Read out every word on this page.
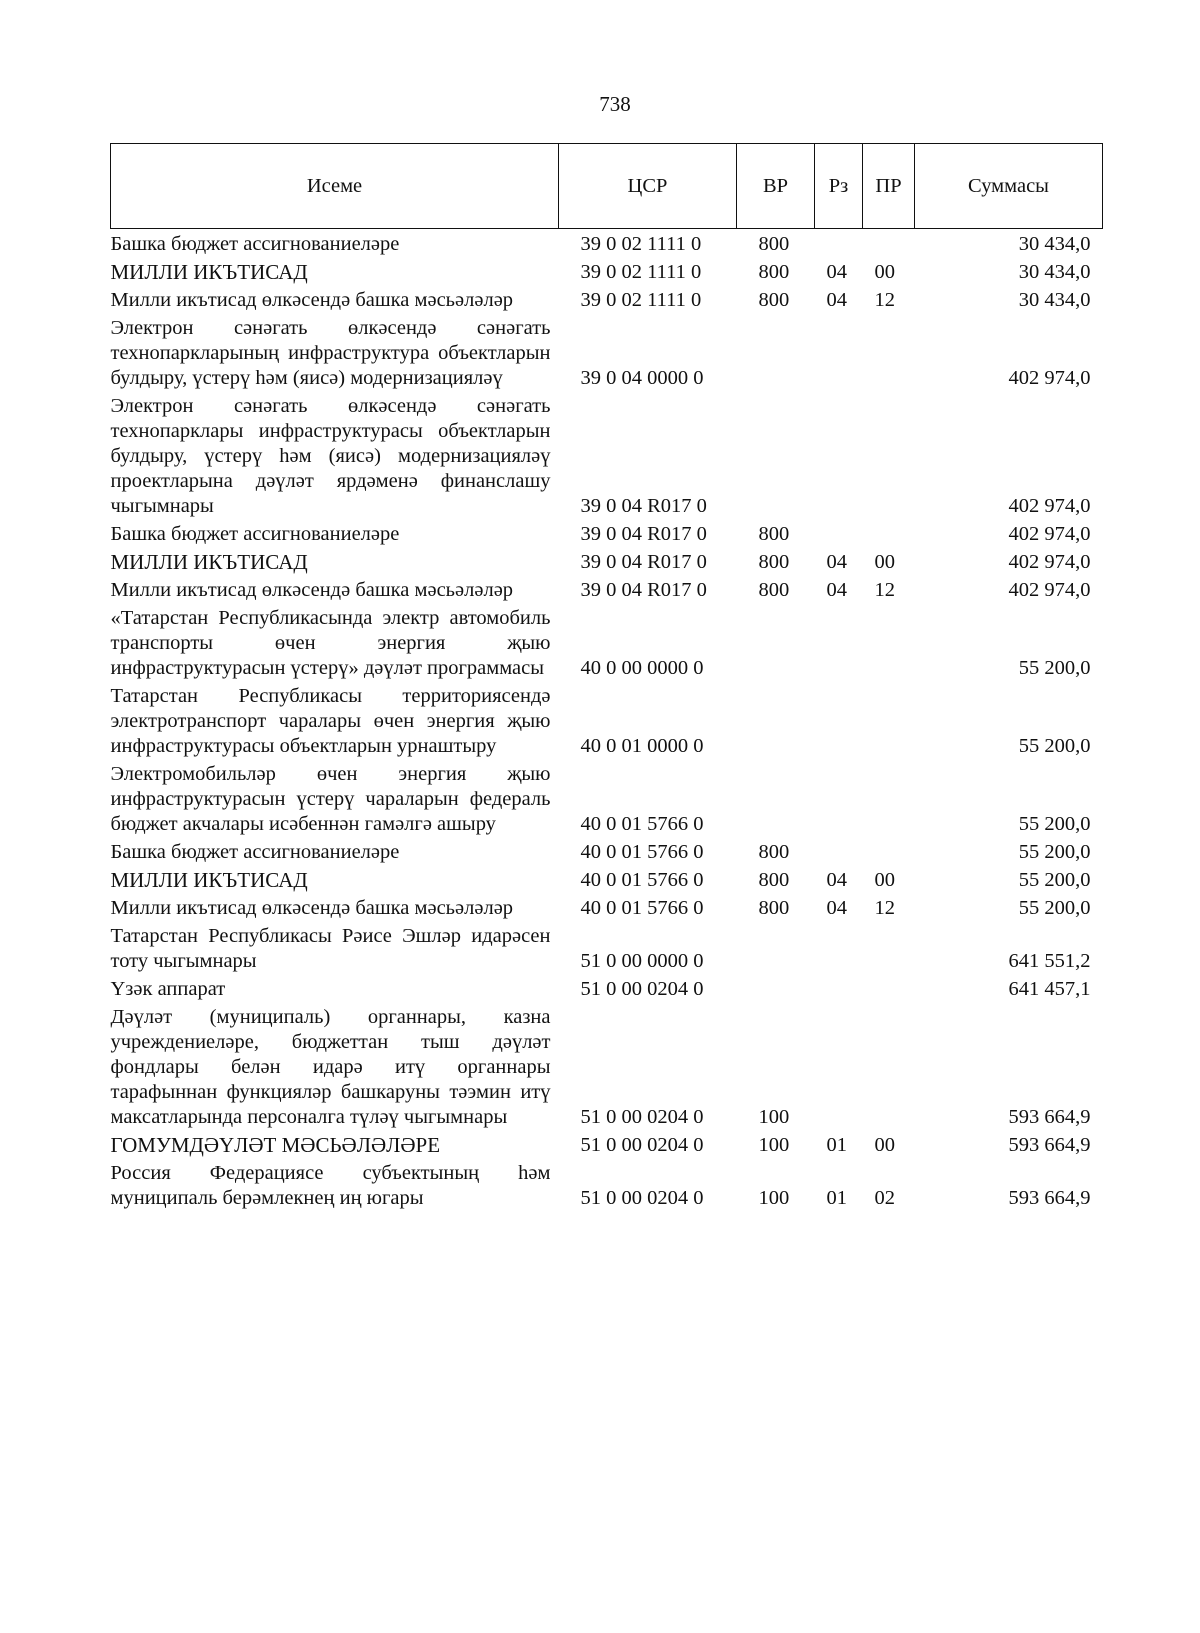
738
Исеме	ЦСР	ВР	Рз	ПР	Суммасы
Башка бюджет ассигнованиеләре	39 0 02 1111 0	800			30 434,0
МИЛЛИ ИКЪТИСАД	39 0 02 1111 0	800	04	00	30 434,0
Милли икътисад өлкәсендә башка мәсьәләләр	39 0 02 1111 0	800	04	12	30 434,0
Электрон сәнәгать өлкәсендә сәнәгать технопаркларының инфраструктура объектларын булдыру, үстерү һәм (яисә) модернизацияләү	39 0 04 0000 0				402 974,0
Электрон сәнәгать өлкәсендә сәнәгать технопарклары инфраструктурасы объектларын булдыру, үстерү һәм (яисә) модернизацияләү проектларына дәүләт ярдәменә финанслашу чыгымнары	39 0 04 R017 0				402 974,0
Башка бюджет ассигнованиеләре	39 0 04 R017 0	800			402 974,0
МИЛЛИ ИКЪТИСАД	39 0 04 R017 0	800	04	00	402 974,0
Милли икътисад өлкәсендә башка мәсьәләләр	39 0 04 R017 0	800	04	12	402 974,0
«Татарстан Республикасында электр автомобиль транспорты өчен энергия җыю инфраструктурасын үстерү» дәүләт программасы	40 0 00 0000 0				55 200,0
Татарстан Республикасы территориясендә электротранспорт чаралары өчен энергия җыю инфраструктурасы объектларын урнаштыру	40 0 01 0000 0				55 200,0
Электромобильләр өчен энергия җыю инфраструктурасын үстерү чараларын федераль бюджет акчалары исәбеннән гамәлгә ашыру	40 0 01 5766 0				55 200,0
Башка бюджет ассигнованиеләре	40 0 01 5766 0	800			55 200,0
МИЛЛИ ИКЪТИСАД	40 0 01 5766 0	800	04	00	55 200,0
Милли икътисад өлкәсендә башка мәсьәләләр	40 0 01 5766 0	800	04	12	55 200,0
Татарстан Республикасы Рәисе Эшләр идарәсен тоту чыгымнары	51 0 00 0000 0				641 551,2
Үзәк аппарат	51 0 00 0204 0				641 457,1
Дәүләт (муниципаль) органнары, казна учреждениеләре, бюджеттан тыш дәүләт фондлары белән идарә итү органнары тарафыннан функцияләр башкаруны тәэмин итү максатларында персоналга түләү чыгымнары	51 0 00 0204 0	100			593 664,9
ГОМУМДӘҮЛӘТ МӘСЬӘЛӘЛӘРЕ	51 0 00 0204 0	100	01	00	593 664,9
Россия Федерациясе субъектының һәм муниципаль берәмлекнең иң югары	51 0 00 0204 0	100	01	02	593 664,9
